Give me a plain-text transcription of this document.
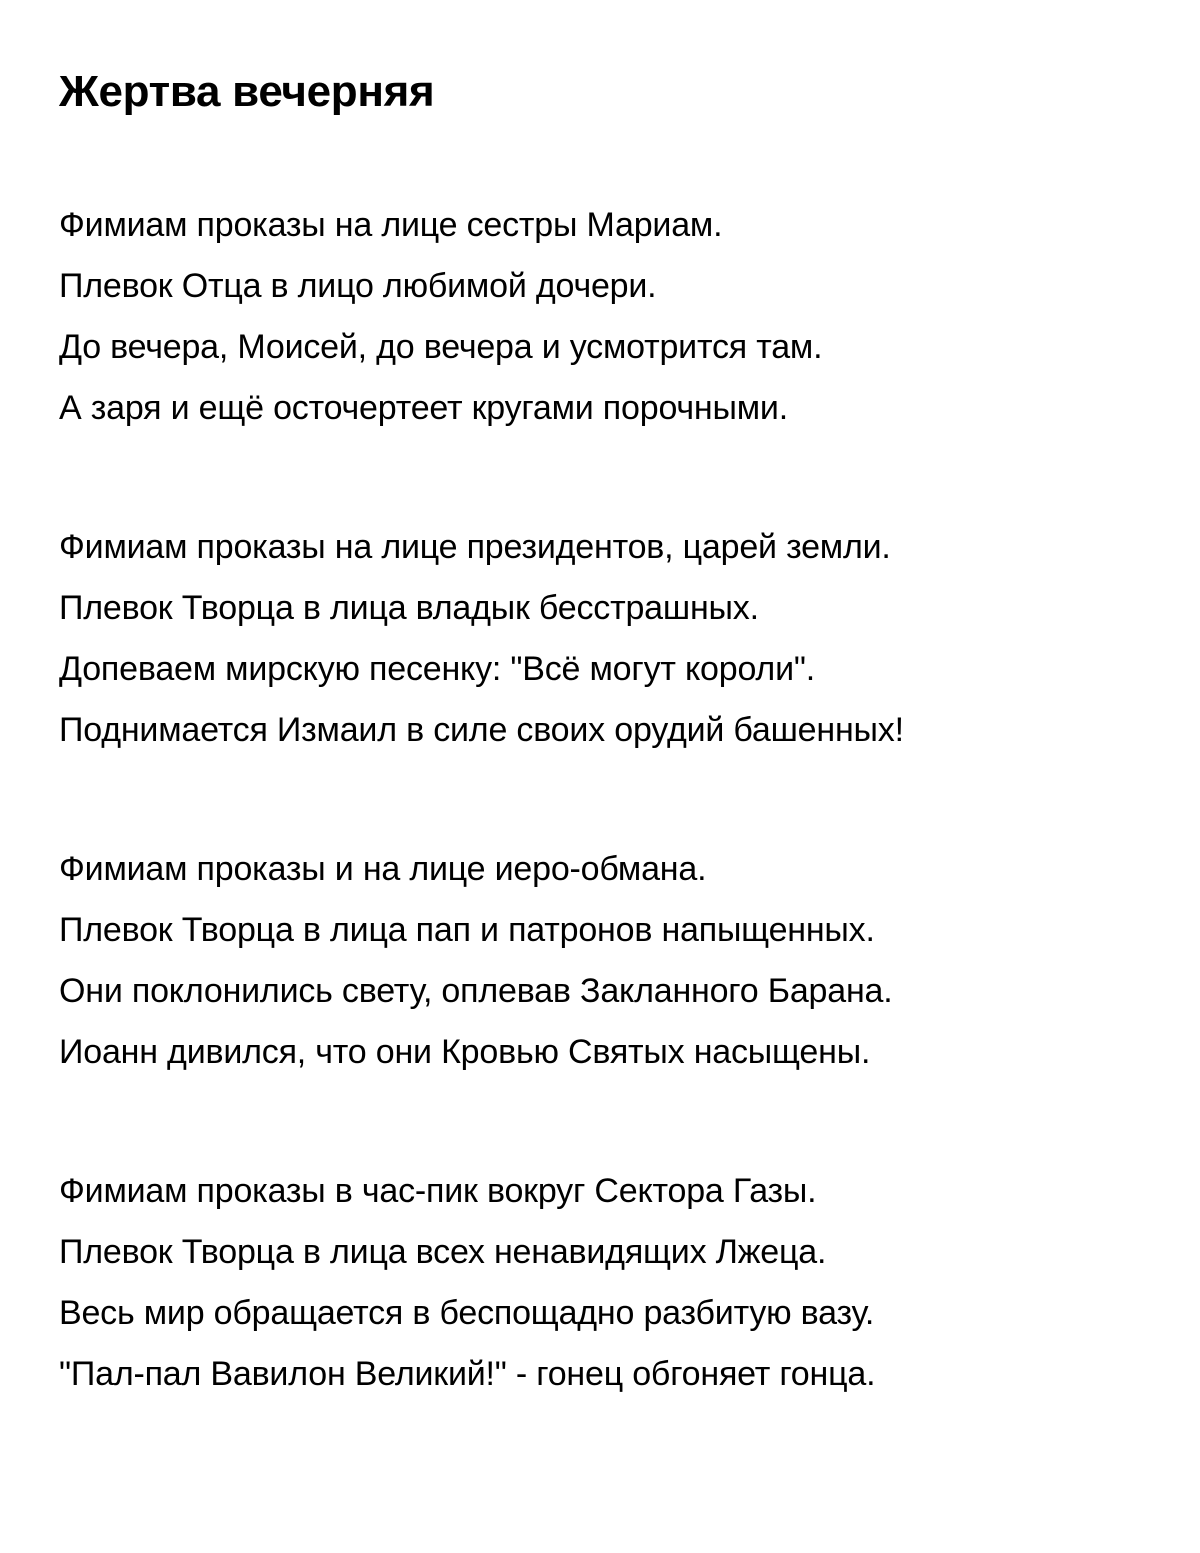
Жертва вечерняя
Фимиам проказы на лице сестры Мариам.
Плевок Отца в лицо любимой дочери.
До вечера, Моисей, до вечера и усмотрится там.
А заря и ещё осточертеет кругами порочными.
Фимиам проказы на лице президентов, царей земли.
Плевок Творца в лица владык бесстрашных.
Допеваем мирскую песенку: "Всё могут короли".
Поднимается Измаил в силе своих орудий башенных!
Фимиам проказы и на лице иеро-обмана.
Плевок Творца в лица пап и патронов напыщенных.
Они поклонились свету, оплевав Закланного Барана.
Иоанн дивился, что они Кровью Святых насыщены.
Фимиам проказы в час-пик вокруг Сектора Газы.
Плевок Творца в лица всех ненавидящих Лжеца.
Весь мир обращается в беспощадно разбитую вазу.
"Пал-пал Вавилон Великий!" - гонец обгоняет гонца.
